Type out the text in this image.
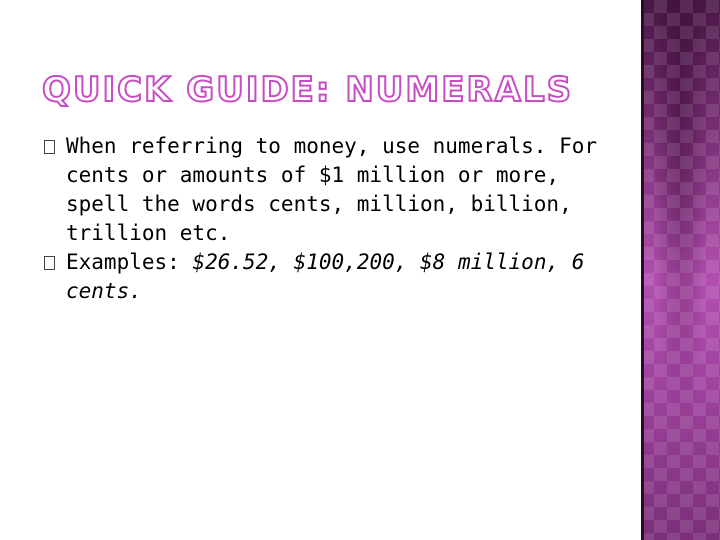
QUICK GUIDE: NUMERALS
When referring to money, use numerals. For cents or amounts of $1 million or more, spell the words cents, million, billion, trillion etc.
Examples: $26.52, $100,200, $8 million, 6 cents.
